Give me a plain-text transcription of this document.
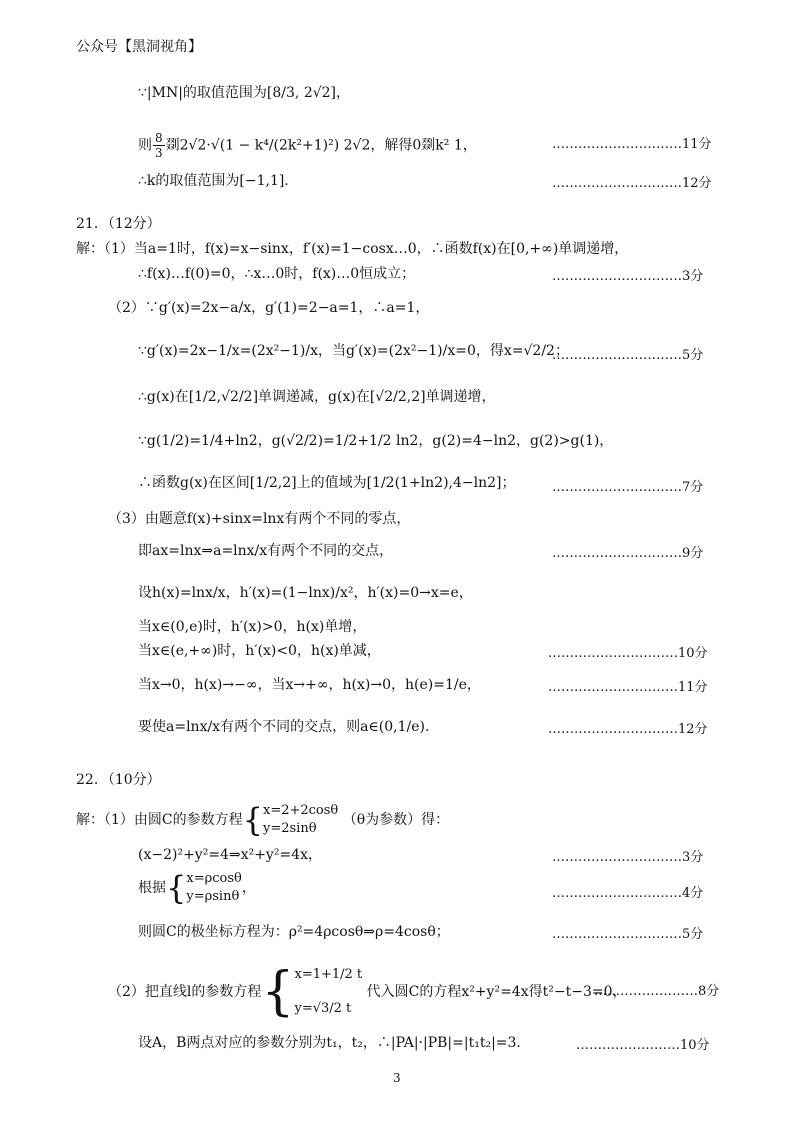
公众号【黑洞视角】
∵|MN|的取值范围为[8/3, 2√2]，
则 $\frac{8}{3}$ 剟2√2·√(1 − k⁴/(2k²+1)²) 2√2，解得0剟k² 1，	…………………………11分
∴k的取值范围为[−1,1].	…………………………12分
21．（12分）
解：（1）当a=1时，f(x)=x−sinx，f′(x)=1−cosx…0，∴函数f(x)在[0,+∞)单调递增，
∴f(x)…f(0)=0，∴x…0时，f(x)…0恒成立；	…………………………3分
（2）∵g′(x)=2x−a/x，g′(1)=2−a=1，∴a=1，
∵g′(x)=2x−1/x=(2x²−1)/x，当g′(x)=(2x²−1)/x=0，得x=√2/2；
…………………………5分
∴g(x)在[1/2,√2/2]单调递减，g(x)在[√2/2,2]单调递增，
∵g(1/2)=1/4+ln2，g(√2/2)=1/2+1/2 ln2，g(2)=4−ln2，g(2)>g(1)，
∴函数g(x)在区间[1/2,2]上的值域为[1/2(1+ln2),4−ln2]；	…………………………7分
（3）由题意f(x)+sinx=lnx有两个不同的零点，
即ax=lnx⇒a=lnx/x有两个不同的交点，	…………………………9分
设h(x)=lnx/x，h′(x)=(1−lnx)/x²，h′(x)=0→x=e，
当x∈(0,e)时，h′(x)>0，h(x)单增，
当x∈(e,+∞)时，h′(x)<0，h(x)单减，	…………………………10分
当x→0，h(x)→−∞，当x→+∞，h(x)→0，h(e)=1/e，	…………………………11分
要使a=lnx/x有两个不同的交点，则a∈(0,1/e).	…………………………12分
22．（10分）
解：（1）由圆C的参数方程{ x=2+2cosθ
y=2sinθ
（θ为参数）得：
(x−2)²+y²=4⇒x²+y²=4x，	…………………………3分
根据{ x=ρcosθ
y=ρsinθ
，	…………………………4分
则圆C的极坐标方程为：ρ²=4ρcosθ⇒ρ=4cosθ；	…………………………5分
（2）把直线l的参数方程{ x=1+1/2 t
y=√3/2 t
代入圆C的方程x²+y²=4x得t²−t−3=0，
……………………8分
设A，B两点对应的参数分别为t₁，t₂，∴|PA|·|PB|=|t₁t₂|=3．	……………………10分
3
